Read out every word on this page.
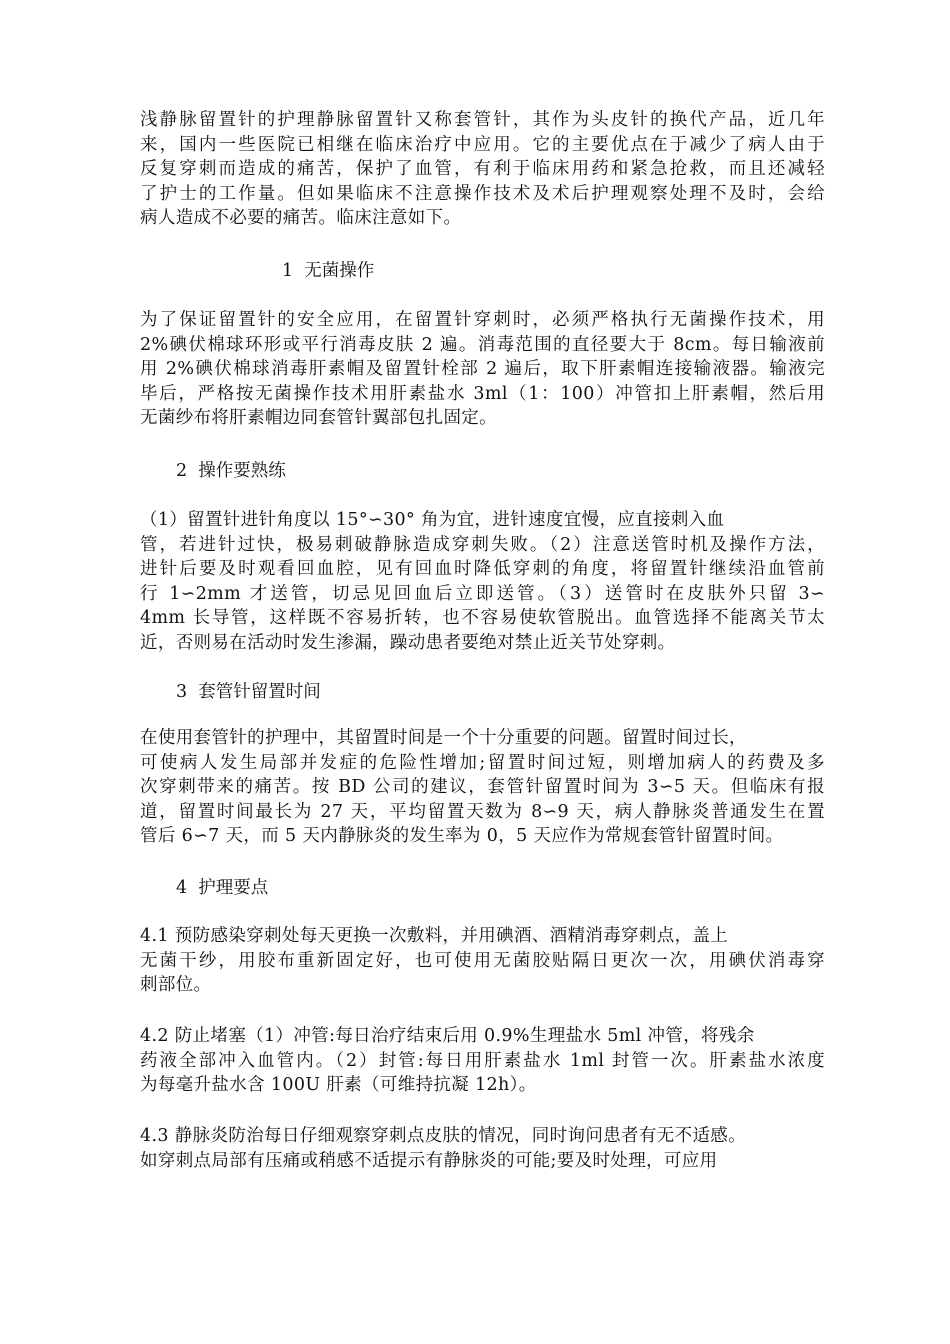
浅静脉留置针的护理静脉留置针又称套管针，其作为头皮针的换代产品，近几年
来，国内一些医院已相继在临床治疗中应用。它的主要优点在于减少了病人由于
反复穿刺而造成的痛苦，保护了血管，有利于临床用药和紧急抢救，而且还减轻
了护士的工作量。但如果临床不注意操作技术及术后护理观察处理不及时，会给
病人造成不必要的痛苦。临床注意如下。
1  无菌操作
为了保证留置针的安全应用，在留置针穿刺时，必须严格执行无菌操作技术，用
2%碘伏棉球环形或平行消毒皮肤 2 遍。消毒范围的直径要大于 8cm。每日输液前
用 2%碘伏棉球消毒肝素帽及留置针栓部 2 遍后，取下肝素帽连接输液器。输液完
毕后，严格按无菌操作技术用肝素盐水 3ml（1：100）冲管扣上肝素帽，然后用
无菌纱布将肝素帽边同套管针翼部包扎固定。
2  操作要熟练
（1）留置针进针角度以 15°∽30° 角为宜，进针速度宜慢，应直接刺入血
管，若进针过快，极易刺破静脉造成穿刺失败。（2）注意送管时机及操作方法，
进针后要及时观看回血腔，见有回血时降低穿刺的角度，将留置针继续沿血管前
行 1∽2mm 才送管，切忌见回血后立即送管。（3）送管时在皮肤外只留 3∽
4mm 长导管，这样既不容易折转，也不容易使软管脱出。血管选择不能离关节太
近，否则易在活动时发生渗漏，躁动患者要绝对禁止近关节处穿刺。
3  套管针留置时间
在使用套管针的护理中，其留置时间是一个十分重要的问题。留置时间过长，
可使病人发生局部并发症的危险性增加;留置时间过短，则增加病人的药费及多
次穿刺带来的痛苦。按 BD 公司的建议，套管针留置时间为 3∽5 天。但临床有报
道，留置时间最长为 27 天，平均留置天数为 8∽9 天，病人静脉炎普通发生在置
管后 6∽7 天，而 5 天内静脉炎的发生率为 0，5 天应作为常规套管针留置时间。
4  护理要点
4.1 预防感染穿刺处每天更换一次敷料，并用碘酒、酒精消毒穿刺点，盖上
无菌干纱，用胶布重新固定好，也可使用无菌胶贴隔日更次一次，用碘伏消毒穿
刺部位。
4.2 防止堵塞（1）冲管:每日治疗结束后用 0.9%生理盐水 5ml 冲管，将残余
药液全部冲入血管内。（2）封管:每日用肝素盐水 1ml 封管一次。肝素盐水浓度
为每毫升盐水含 100U 肝素（可维持抗凝 12h）。
4.3 静脉炎防治每日仔细观察穿刺点皮肤的情况，同时询问患者有无不适感。
如穿刺点局部有压痛或稍感不适提示有静脉炎的可能;要及时处理，可应用
